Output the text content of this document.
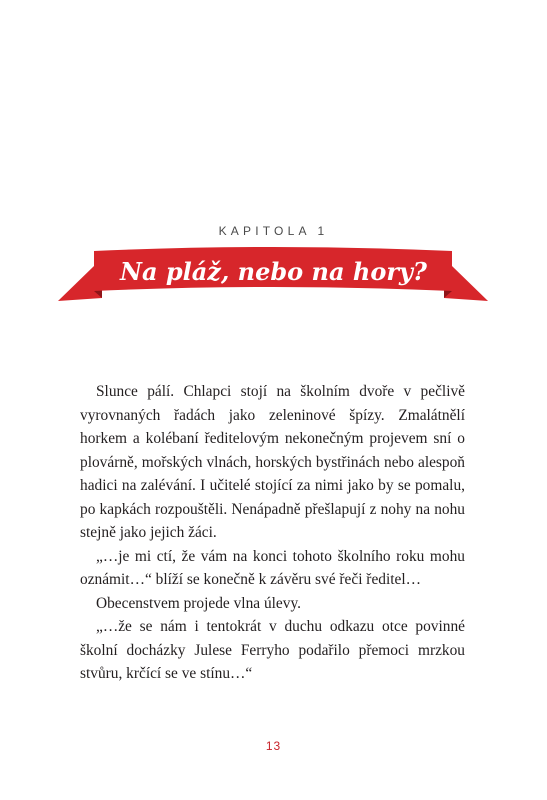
KAPITOLA 1
Na pláž, nebo na hory?

Slunce pálí. Chlapci stojí na školním dvoře v pečlivě vyrovnaných řadách jako zeleninové špízy. Zmalátnělí horkem a kolébaní ředitelovým nekonečným projevem sní o plovárně, mořských vlnách, horských bystřinách nebo alespoň hadici na zalévání. I učitelé stojící za nimi jako by se pomalu, po kapkách rozpouštěli. Nenápadně přešlapují z nohy na nohu stejně jako jejich žáci.

„…je mi ctí, že vám na konci tohoto školního roku mohu oznámit…“ blíží se konečně k závěru své řeči ředitel…

Obecenstvem projede vlna úlevy.

„…že se nám i tentokrát v duchu odkazu otce povinné školní docházky Julese Ferryho podařilo přemoci mrzkou stvůru, krčící se ve stínu…“

13
